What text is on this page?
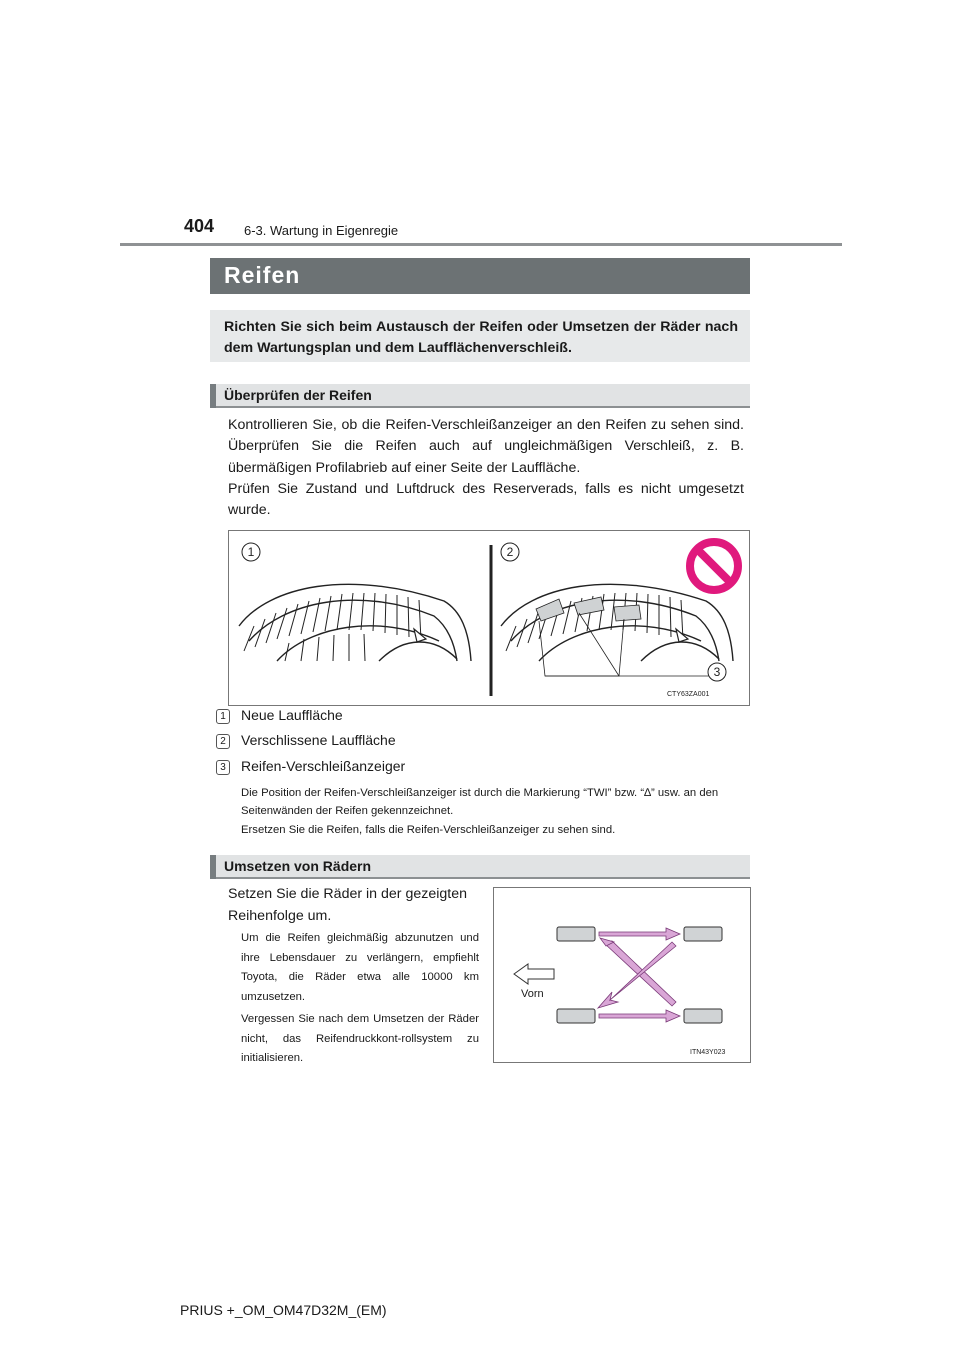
404 6-3. Wartung in Eigenregie
Reifen
Richten Sie sich beim Austausch der Reifen oder Umsetzen der Räder nach dem Wartungsplan und dem Laufflächenverschleiß.
Überprüfen der Reifen
Kontrollieren Sie, ob die Reifen-Verschleißanzeiger an den Reifen zu sehen sind. Überprüfen Sie die Reifen auch auf ungleichmäßigen Verschleiß, z. B. übermäßigen Profilabrieb auf einer Seite der Lauffläche.
Prüfen Sie Zustand und Luftdruck des Reserverads, falls es nicht umgesetzt wurde.
1	2
3
CTY63ZA001
1	Neue Lauffläche
2	Verschlissene Lauffläche
3	Reifen-Verschleißanzeiger
Die Position der Reifen-Verschleißanzeiger ist durch die Markierung “TWI” bzw. “∆” usw. an den Seitenwänden der Reifen gekennzeichnet.
Ersetzen Sie die Reifen, falls die Reifen-Verschleißanzeiger zu sehen sind.
Umsetzen von Rädern
Setzen Sie die Räder in der gezeigten Reihenfolge um.
Um die Reifen gleichmäßig abzunutzen und ihre Lebensdauer zu verlängern, empfiehlt Toyota, die Räder etwa alle 10000 km umzusetzen.
Vergessen Sie nach dem Umsetzen der Räder nicht, das Reifendruckkont-rollsystem zu initialisieren.
Vorn
ITN43Y023
PRIUS +_OM_OM47D32M_(EM)
